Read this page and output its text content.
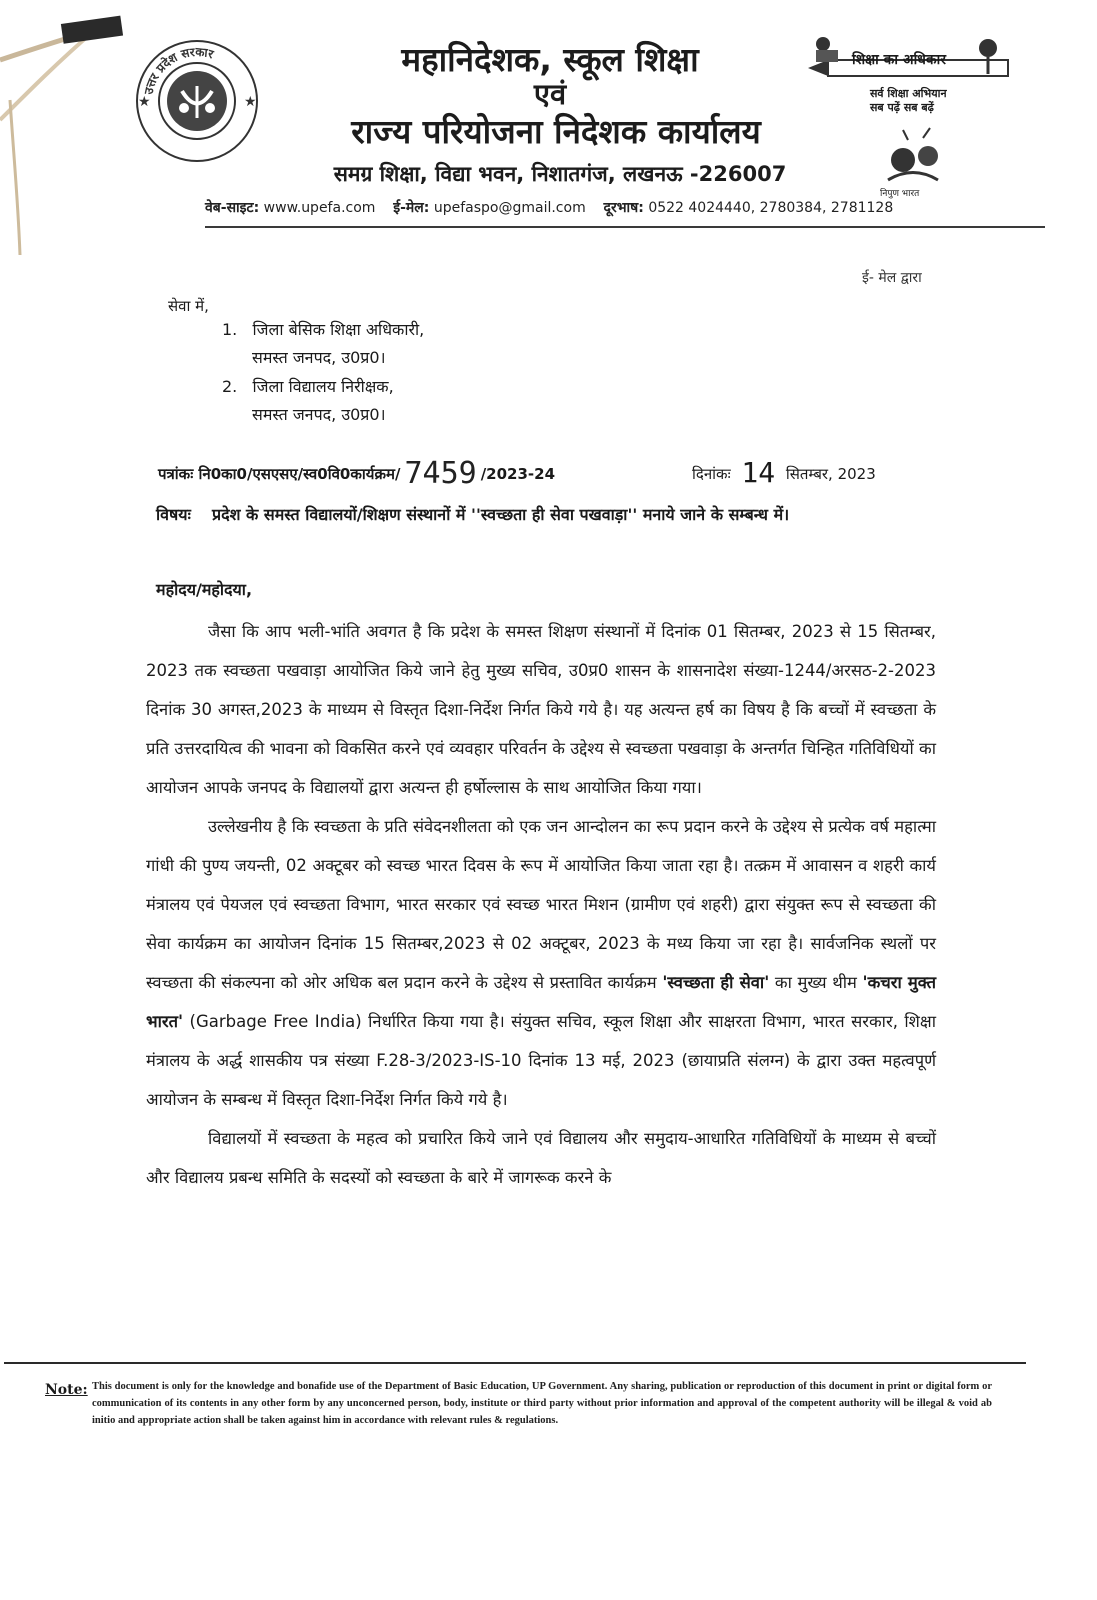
उत्तर प्रदेश सरकार
★	★
महानिदेशक, स्कूल शिक्षा
एवं
राज्य परियोजना निदेशक कार्यालय
समग्र शिक्षा, विद्या भवन, निशातगंज, लखनऊ -226007
वेब-साइट: www.upefa.com ई-मेल: upefaspo@gmail.com दूरभाष: 0522 4024440, 2780384, 2781128
शिक्षा का अधिकार
सर्व शिक्षा अभियान
सब पढ़ें सब बढ़ें
निपुण भारत
ई- मेल द्वारा
सेवा में,
1. जिला बेसिक शिक्षा अधिकारी,
समस्त जनपद, उ0प्र0।
2. जिला विद्यालय निरीक्षक,
समस्त जनपद, उ0प्र0।
पत्रांकः नि0का0/एसएसए/स्व0वि0कार्यक्रम/ 7459 /2023-24	दिनांकः 14 सितम्बर, 2023
विषयः प्रदेश के समस्त विद्यालयों/शिक्षण संस्थानों में ''स्वच्छता ही सेवा पखवाड़ा'' मनाये जाने के सम्बन्ध में।
महोदय/महोदया,

जैसा कि आप भली-भांति अवगत है कि प्रदेश के समस्त शिक्षण संस्थानों में दिनांक 01 सितम्बर, 2023 से 15 सितम्बर, 2023 तक स्वच्छता पखवाड़ा आयोजित किये जाने हेतु मुख्य सचिव, उ0प्र0 शासन के शासनादेश संख्या-1244/अरसठ-2-2023 दिनांक 30 अगस्त,2023 के माध्यम से विस्तृत दिशा-निर्देश निर्गत किये गये है। यह अत्यन्त हर्ष का विषय है कि बच्चों में स्वच्छता के प्रति उत्तरदायित्व की भावना को विकसित करने एवं व्यवहार परिवर्तन के उद्देश्य से स्वच्छता पखवाड़ा के अन्तर्गत चिन्हित गतिविधियों का आयोजन आपके जनपद के विद्यालयों द्वारा अत्यन्त ही हर्षोल्लास के साथ आयोजित किया गया।

उल्लेखनीय है कि स्वच्छता के प्रति संवेदनशीलता को एक जन आन्दोलन का रूप प्रदान करने के उद्देश्य से प्रत्येक वर्ष महात्मा गांधी की पुण्य जयन्ती, 02 अक्टूबर को स्वच्छ भारत दिवस के रूप में आयोजित किया जाता रहा है। तत्क्रम में आवासन व शहरी कार्य मंत्रालय एवं पेयजल एवं स्वच्छता विभाग, भारत सरकार एवं स्वच्छ भारत मिशन (ग्रामीण एवं शहरी) द्वारा संयुक्त रूप से स्वच्छता की सेवा कार्यक्रम का आयोजन दिनांक 15 सितम्बर,2023 से 02 अक्टूबर, 2023 के मध्य किया जा रहा है। सार्वजनिक स्थलों पर स्वच्छता की संकल्पना को ओर अधिक बल प्रदान करने के उद्देश्य से प्रस्तावित कार्यक्रम 'स्वच्छता ही सेवा' का मुख्य थीम 'कचरा मुक्त भारत' (Garbage Free India) निर्धारित किया गया है। संयुक्त सचिव, स्कूल शिक्षा और साक्षरता विभाग, भारत सरकार, शिक्षा मंत्रालय के अर्द्ध शासकीय पत्र संख्या F.28-3/2023-IS-10 दिनांक 13 मई, 2023 (छायाप्रति संलग्न) के द्वारा उक्त महत्वपूर्ण आयोजन के सम्बन्ध में विस्तृत दिशा-निर्देश निर्गत किये गये है।

विद्यालयों में स्वच्छता के महत्व को प्रचारित किये जाने एवं विद्यालय और समुदाय-आधारित गतिविधियों के माध्यम से बच्चों और विद्यालय प्रबन्ध समिति के सदस्यों को स्वच्छता के बारे में जागरूक करने के

Note: This document is only for the knowledge and bonafide use of the Department of Basic Education, UP Government. Any sharing, publication or reproduction of this document in print or digital form or communication of its contents in any other form by any unconcerned person, body, institute or third party without prior information and approval of the competent authority will be illegal & void ab initio and appropriate action shall be taken against him in accordance with relevant rules & regulations.
